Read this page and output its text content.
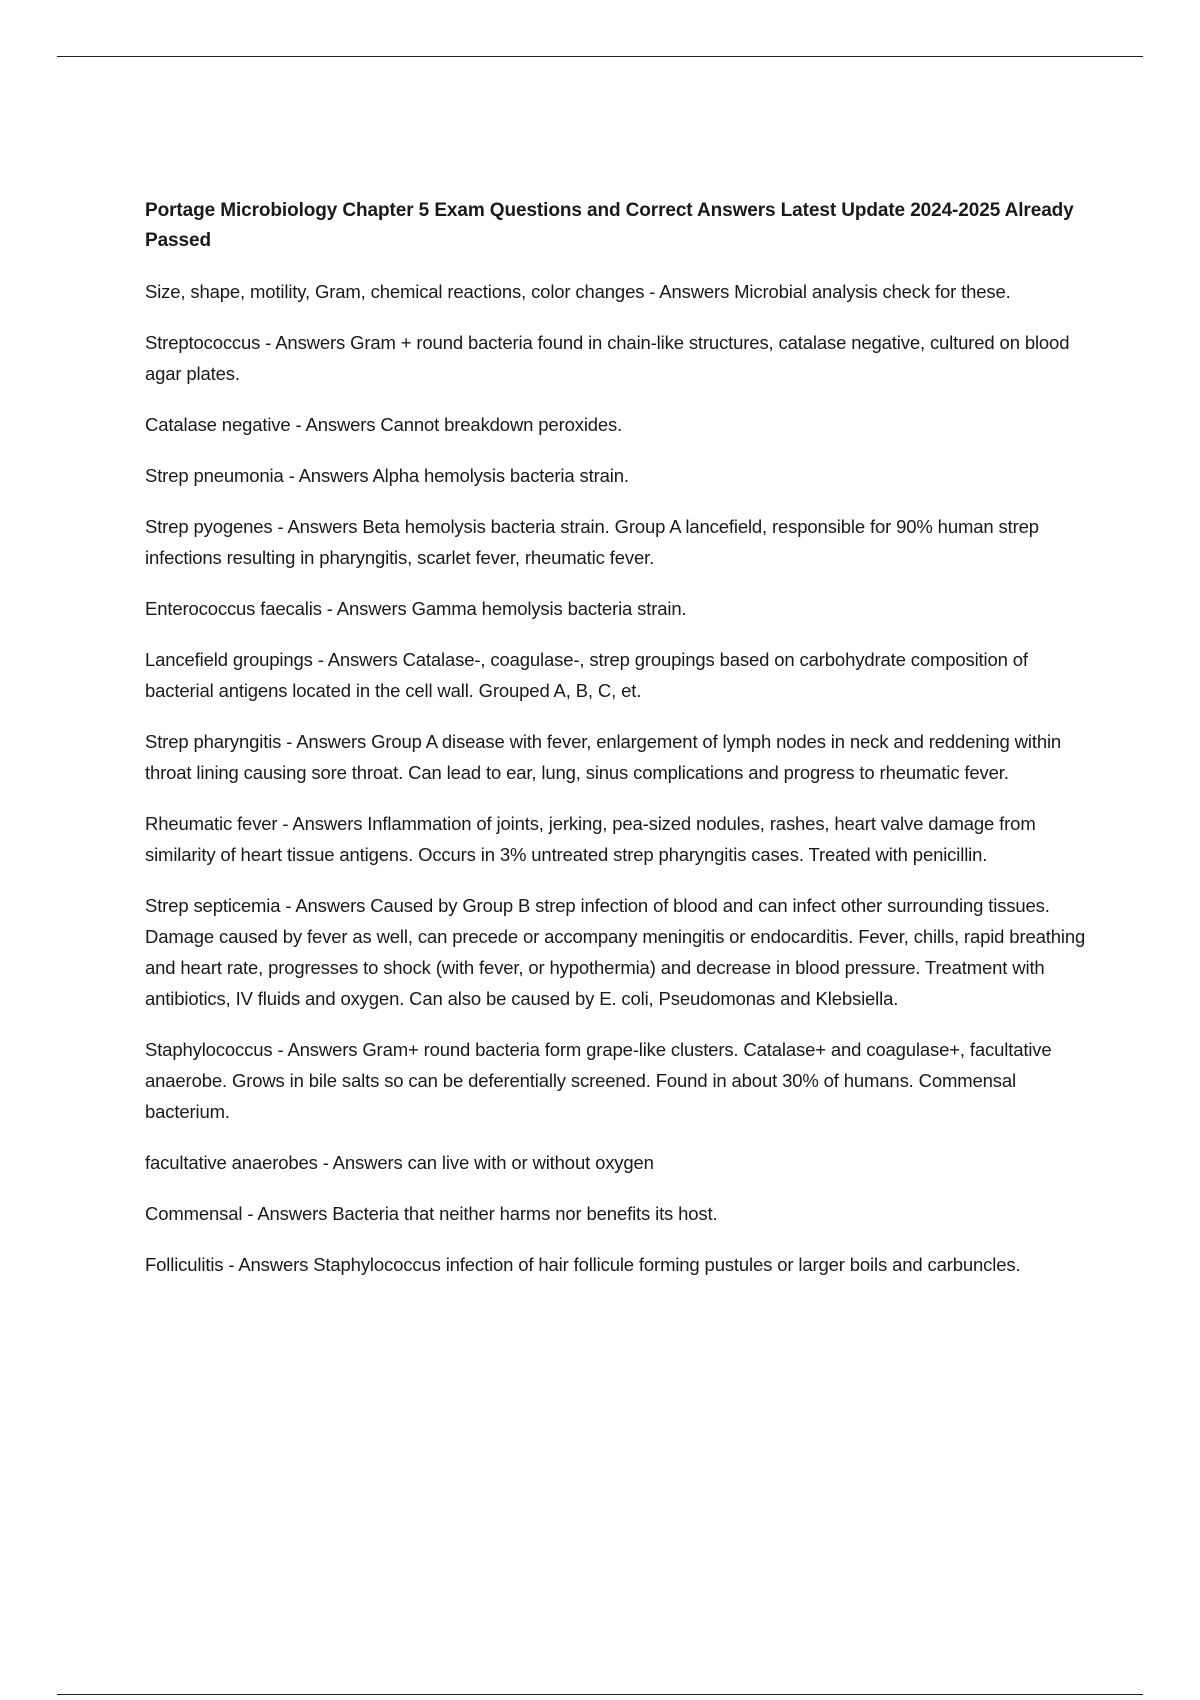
Portage Microbiology Chapter 5 Exam Questions and Correct Answers Latest Update 2024-2025 Already Passed

Size, shape, motility, Gram, chemical reactions, color changes - Answers Microbial analysis check for these.

Streptococcus - Answers Gram + round bacteria found in chain-like structures, catalase negative, cultured on blood agar plates.

Catalase negative - Answers Cannot breakdown peroxides.

Strep pneumonia - Answers Alpha hemolysis bacteria strain.

Strep pyogenes - Answers Beta hemolysis bacteria strain. Group A lancefield, responsible for 90% human strep infections resulting in pharyngitis, scarlet fever, rheumatic fever.

Enterococcus faecalis - Answers Gamma hemolysis bacteria strain.

Lancefield groupings - Answers Catalase-, coagulase-, strep groupings based on carbohydrate composition of bacterial antigens located in the cell wall. Grouped A, B, C, et.

Strep pharyngitis - Answers Group A disease with fever, enlargement of lymph nodes in neck and reddening within throat lining causing sore throat. Can lead to ear, lung, sinus complications and progress to rheumatic fever.

Rheumatic fever - Answers Inflammation of joints, jerking, pea-sized nodules, rashes, heart valve damage from similarity of heart tissue antigens. Occurs in 3% untreated strep pharyngitis cases. Treated with penicillin.

Strep septicemia - Answers Caused by Group B strep infection of blood and can infect other surrounding tissues. Damage caused by fever as well, can precede or accompany meningitis or endocarditis. Fever, chills, rapid breathing and heart rate, progresses to shock (with fever, or hypothermia) and decrease in blood pressure. Treatment with antibiotics, IV fluids and oxygen. Can also be caused by E. coli, Pseudomonas and Klebsiella.

Staphylococcus - Answers Gram+ round bacteria form grape-like clusters. Catalase+ and coagulase+, facultative anaerobe. Grows in bile salts so can be deferentially screened. Found in about 30% of humans. Commensal bacterium.

facultative anaerobes - Answers can live with or without oxygen

Commensal - Answers Bacteria that neither harms nor benefits its host.

Folliculitis - Answers Staphylococcus infection of hair follicule forming pustules or larger boils and carbuncles.
